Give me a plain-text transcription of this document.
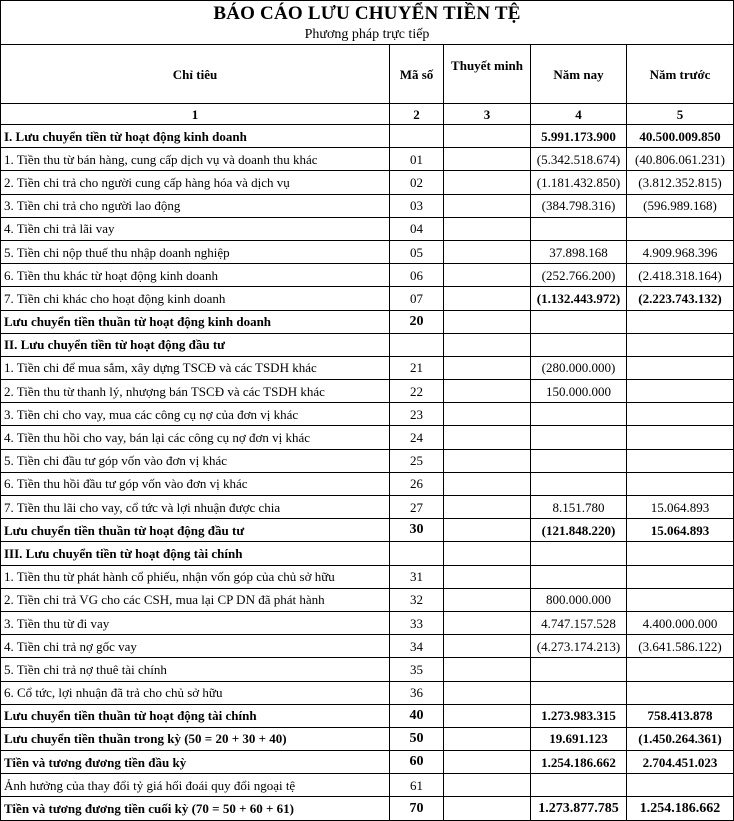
BÁO CÁO LƯU CHUYỂN TIỀN TỆ				
Phương pháp trực tiếp				
Chỉ tiêu	Mã số	Thuyết minh	Năm nay	Năm trước
1	2	3	4	5
I. Lưu chuyển tiền từ hoạt động kinh doanh			5.991.173.900	40.500.009.850
1. Tiền thu từ bán hàng, cung cấp dịch vụ và doanh thu khác	01		(5.342.518.674)	(40.806.061.231)
2. Tiền chi trả cho người cung cấp hàng hóa và dịch vụ	02		(1.181.432.850)	(3.812.352.815)
3. Tiền chi trả cho người lao động	03		(384.798.316)	(596.989.168)
4. Tiền chi trả lãi vay	04			
5. Tiền chi nộp thuế thu nhập doanh nghiệp	05		37.898.168	4.909.968.396
6. Tiền thu khác từ hoạt động kinh doanh	06		(252.766.200)	(2.418.318.164)
7. Tiền chi khác cho hoạt động kinh doanh	07		(1.132.443.972)	(2.223.743.132)
Lưu chuyển tiền thuần từ hoạt động kinh doanh	20			
II. Lưu chuyển tiền từ hoạt động đầu tư				
1. Tiền chi để mua sắm, xây dựng TSCĐ và các TSDH khác	21		(280.000.000)	
2. Tiền thu từ thanh lý, nhượng bán TSCĐ và các TSDH khác	22		150.000.000	
3. Tiền chi cho vay, mua các công cụ nợ của đơn vị khác	23			
4. Tiền thu hồi cho vay, bán lại các công cụ nợ đơn vị khác	24			
5. Tiền chi đầu tư góp vốn vào đơn vị khác	25			
6. Tiền thu hồi đầu tư góp vốn vào đơn vị khác	26			
7. Tiền thu lãi cho vay, cổ tức và lợi nhuận được chia	27		8.151.780	15.064.893
Lưu chuyển tiền thuần từ hoạt động đầu tư	30		(121.848.220)	15.064.893
III. Lưu chuyển tiền từ hoạt động tài chính				
1. Tiền thu từ phát hành cổ phiếu, nhận vốn góp của chủ sở hữu	31			
2. Tiền chi trả VG cho các CSH, mua lại CP DN đã phát hành	32		800.000.000	
3. Tiền thu từ đi vay	33		4.747.157.528	4.400.000.000
4. Tiền chi trả nợ gốc vay	34		(4.273.174.213)	(3.641.586.122)
5. Tiền chi trả nợ thuê tài chính	35			
6. Cổ tức, lợi nhuận đã trả cho chủ sở hữu	36			
Lưu chuyển tiền thuần từ hoạt động tài chính	40		1.273.983.315	758.413.878
Lưu chuyển tiền thuần trong kỳ (50 = 20 + 30 + 40)	50		19.691.123	(1.450.264.361)
Tiền và tương đương tiền đầu kỳ	60		1.254.186.662	2.704.451.023
Ảnh hưởng của thay đổi tỷ giá hối đoái quy đổi ngoại tệ	61			
Tiền và tương đương tiền cuối kỳ (70 = 50 + 60 + 61)	70		1.273.877.785	1.254.186.662
